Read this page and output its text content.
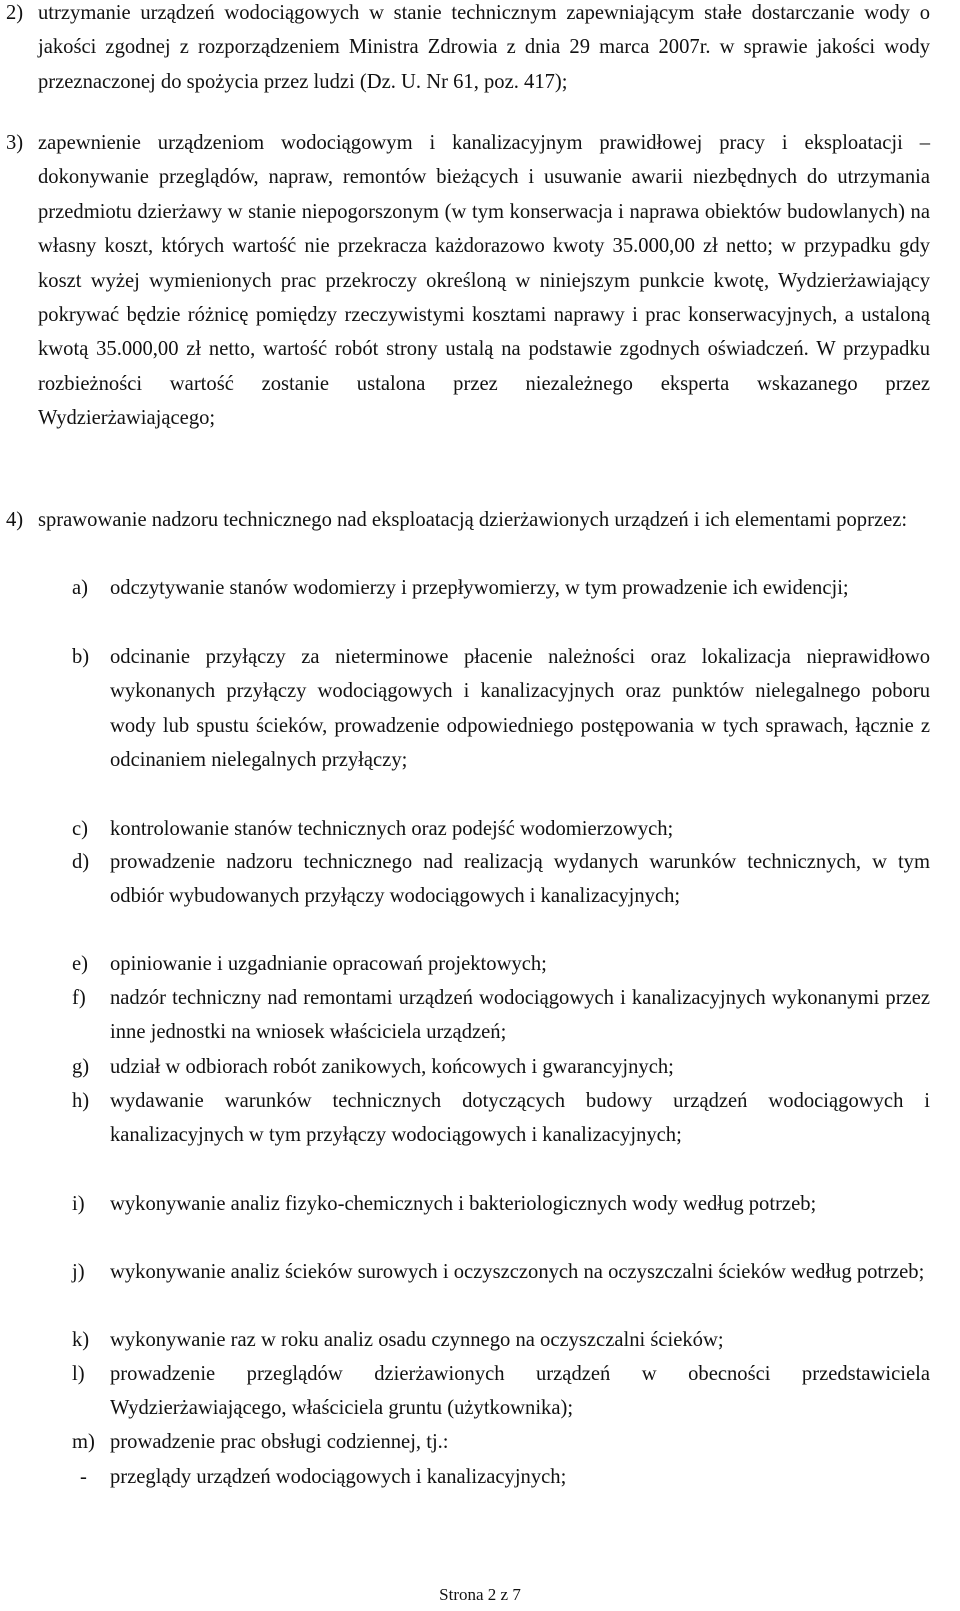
2) utrzymanie urządzeń wodociągowych w stanie technicznym zapewniającym stałe dostarczanie wody o jakości zgodnej z rozporządzeniem Ministra Zdrowia z dnia 29 marca 2007r. w sprawie jakości wody przeznaczonej do spożycia przez ludzi (Dz. U. Nr 61, poz. 417);
3) zapewnienie urządzeniom wodociągowym i kanalizacyjnym prawidłowej pracy i eksploatacji – dokonywanie przeglądów, napraw, remontów bieżących i usuwanie awarii niezbędnych do utrzymania przedmiotu dzierżawy w stanie niepogorszonym (w tym konserwacja i naprawa obiektów budowlanych) na własny koszt, których wartość nie przekracza każdorazowo kwoty 35.000,00 zł netto; w przypadku gdy koszt wyżej wymienionych prac przekroczy określoną w niniejszym punkcie kwotę, Wydzierżawiający pokrywać będzie różnicę pomiędzy rzeczywistymi kosztami naprawy i prac konserwacyjnych, a ustaloną kwotą 35.000,00 zł netto, wartość robót strony ustalą na podstawie zgodnych oświadczeń. W przypadku rozbieżności wartość zostanie ustalona przez niezależnego eksperta wskazanego przez Wydzierżawiającego;
4) sprawowanie nadzoru technicznego nad eksploatacją dzierżawionych urządzeń i ich elementami poprzez:
a) odczytywanie stanów wodomierzy i przepływomierzy, w tym prowadzenie ich ewidencji;
b) odcinanie przyłączy za nieterminowe płacenie należności oraz lokalizacja nieprawidłowo wykonanych przyłączy wodociągowych i kanalizacyjnych oraz punktów nielegalnego poboru wody lub spustu ścieków, prowadzenie odpowiedniego postępowania w tych sprawach, łącznie z odcinaniem nielegalnych przyłączy;
c) kontrolowanie stanów technicznych oraz podejść wodomierzowych;
d) prowadzenie nadzoru technicznego nad realizacją wydanych warunków technicznych, w tym odbiór wybudowanych przyłączy wodociągowych i kanalizacyjnych;
e) opiniowanie i uzgadnianie opracowań projektowych;
f) nadzór techniczny nad remontami urządzeń wodociągowych i kanalizacyjnych wykonanymi przez inne jednostki na wniosek właściciela urządzeń;
g) udział w odbiorach robót zanikowych, końcowych i gwarancyjnych;
h) wydawanie warunków technicznych dotyczących budowy urządzeń wodociągowych i kanalizacyjnych w tym przyłączy wodociągowych i kanalizacyjnych;
i) wykonywanie analiz fizyko-chemicznych i bakteriologicznych wody według potrzeb;
j) wykonywanie analiz ścieków surowych i oczyszczonych na oczyszczalni ścieków według potrzeb;
k) wykonywanie raz w roku analiz osadu czynnego na oczyszczalni ścieków;
l) prowadzenie przeglądów dzierżawionych urządzeń w obecności przedstawiciela Wydzierżawiającego, właściciela gruntu (użytkownika);
m) prowadzenie prac obsługi codziennej, tj.:
- przeglądy urządzeń wodociągowych i kanalizacyjnych;
Strona 2 z 7
